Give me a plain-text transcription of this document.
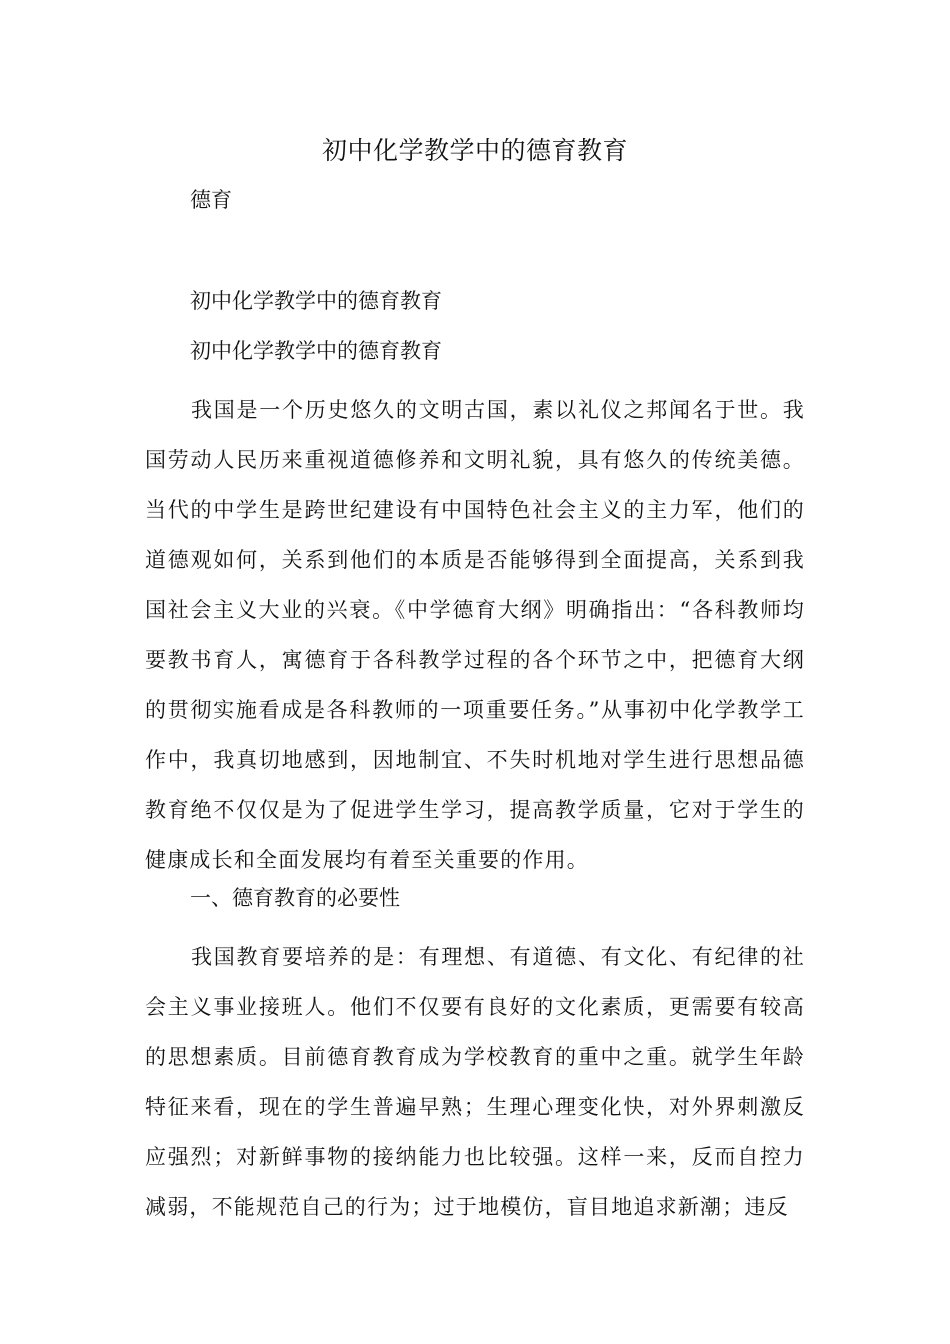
初中化学教学中的德育教育

德育

初中化学教学中的德育教育

初中化学教学中的德育教育

我国是一个历史悠久的文明古国，素以礼仪之邦闻名于世。我国劳动人民历来重视道德修养和文明礼貌，具有悠久的传统美德。当代的中学生是跨世纪建设有中国特色社会主义的主力军，他们的道德观如何，关系到他们的本质是否能够得到全面提高，关系到我国社会主义大业的兴衰。《中学德育大纲》明确指出：“各科教师均要教书育人，寓德育于各科教学过程的各个环节之中，把德育大纲的贯彻实施看成是各科教师的一项重要任务。”从事初中化学教学工作中，我真切地感到，因地制宜、不失时机地对学生进行思想品德教育绝不仅仅是为了促进学生学习，提高教学质量，它对于学生的健康成长和全面发展均有着至关重要的作用。

一、德育教育的必要性

我国教育要培养的是：有理想、有道德、有文化、有纪律的社会主义事业接班人。他们不仅要有良好的文化素质，更需要有较高的思想素质。目前德育教育成为学校教育的重中之重。就学生年龄特征来看，现在的学生普遍早熟；生理心理变化快，对外界刺激反应强烈；对新鲜事物的接纳能力也比较强。这样一来，反而自控力减弱，不能规范自己的行为；过于地模仿，盲目地追求新潮；违反
